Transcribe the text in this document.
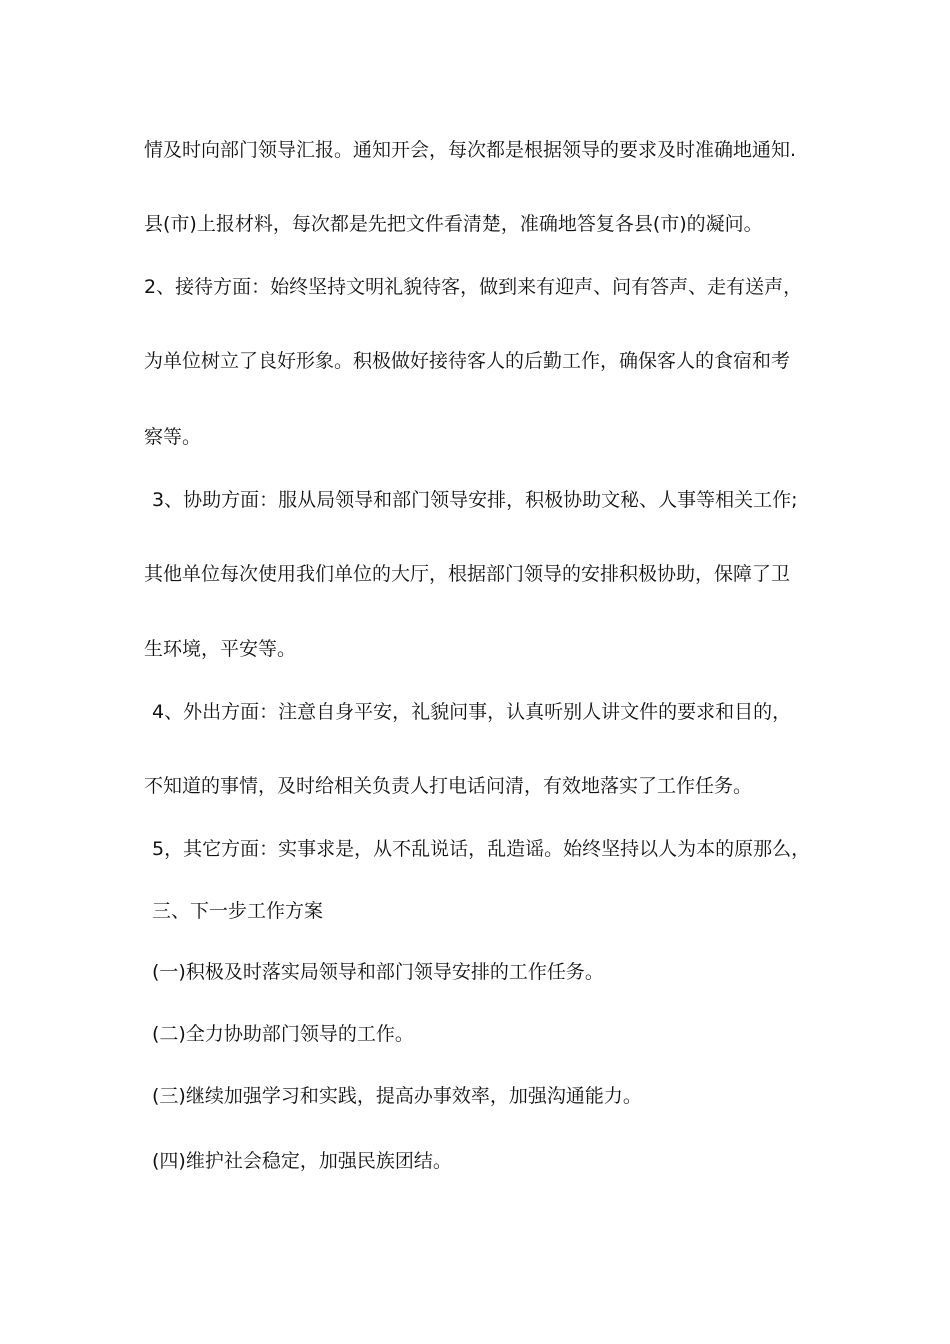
情及时向部门领导汇报。通知开会，每次都是根据领导的要求及时准确地通知.
县(市)上报材料，每次都是先把文件看清楚，准确地答复各县(市)的凝问。
2、接待方面：始终坚持文明礼貌待客，做到来有迎声、问有答声、走有送声，
为单位树立了良好形象。积极做好接待客人的后勤工作，确保客人的食宿和考
察等。
3、协助方面：服从局领导和部门领导安排，积极协助文秘、人事等相关工作;
其他单位每次使用我们单位的大厅，根据部门领导的安排积极协助，保障了卫
生环境，平安等。
4、外出方面：注意自身平安，礼貌问事，认真听别人讲文件的要求和目的，
不知道的事情，及时给相关负责人打电话问清，有效地落实了工作任务。
5，其它方面：实事求是，从不乱说话，乱造谣。始终坚持以人为本的原那么，
三、下一步工作方案
(一)积极及时落实局领导和部门领导安排的工作任务。
(二)全力协助部门领导的工作。
(三)继续加强学习和实践，提高办事效率，加强沟通能力。
(四)维护社会稳定，加强民族团结。
